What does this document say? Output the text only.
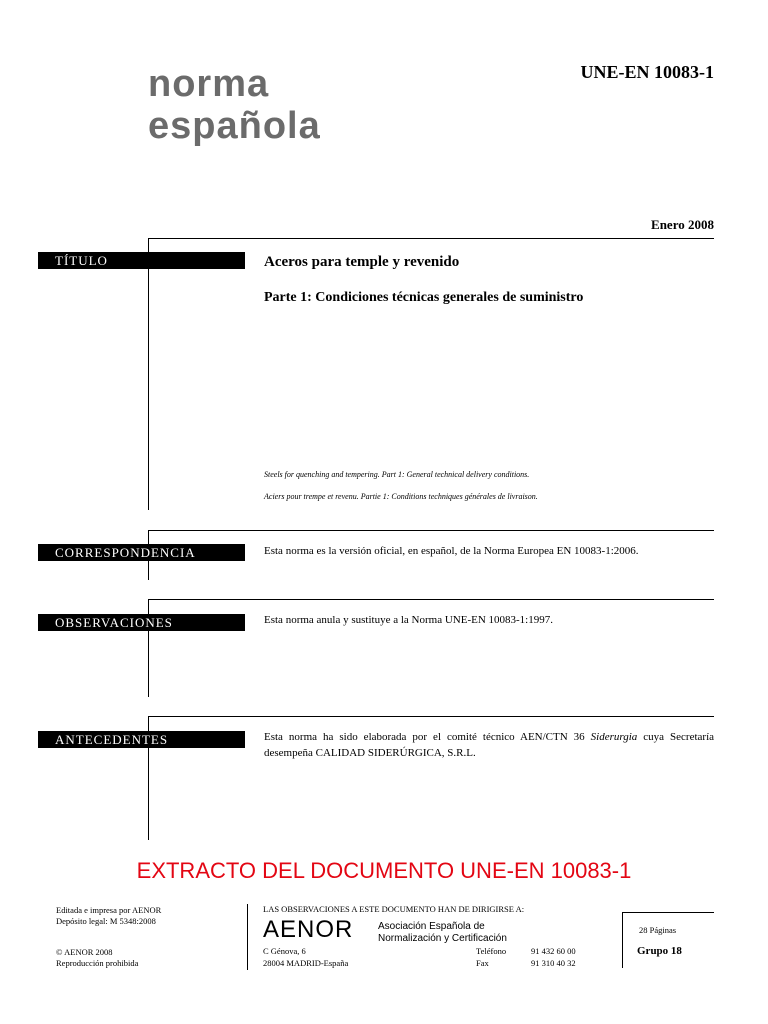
norma
española
UNE-EN 10083-1
Enero 2008
TÍTULO	Aceros para temple y revenido
Parte 1: Condiciones técnicas generales de suministro
Steels for quenching and tempering. Part 1: General technical delivery conditions.
Aciers pour trempe et revenu. Partie 1: Conditions techniques générales de livraison.
CORRESPONDENCIA	Esta norma es la versión oficial, en español, de la Norma Europea EN 10083-1:2006.
OBSERVACIONES	Esta norma anula y sustituye a la Norma UNE-EN 10083-1:1997.
ANTECEDENTES	Esta norma ha sido elaborada por el comité técnico AEN/CTN 36 Siderurgia cuya Secretaría desempeña CALIDAD SIDERÚRGICA, S.R.L.
EXTRACTO DEL DOCUMENTO UNE-EN 10083-1
Editada e impresa por AENOR
Depósito legal: M 5348:2008
© AENOR 2008
Reproducción prohibida
LAS OBSERVACIONES A ESTE DOCUMENTO HAN DE DIRIGIRSE A:
AENOR Asociación Española de
Normalización y Certificación
C Génova, 6
28004 MADRID-España
Teléfono	91 432 60 00
Fax	91 310 40 32
28 Páginas
Grupo 18
